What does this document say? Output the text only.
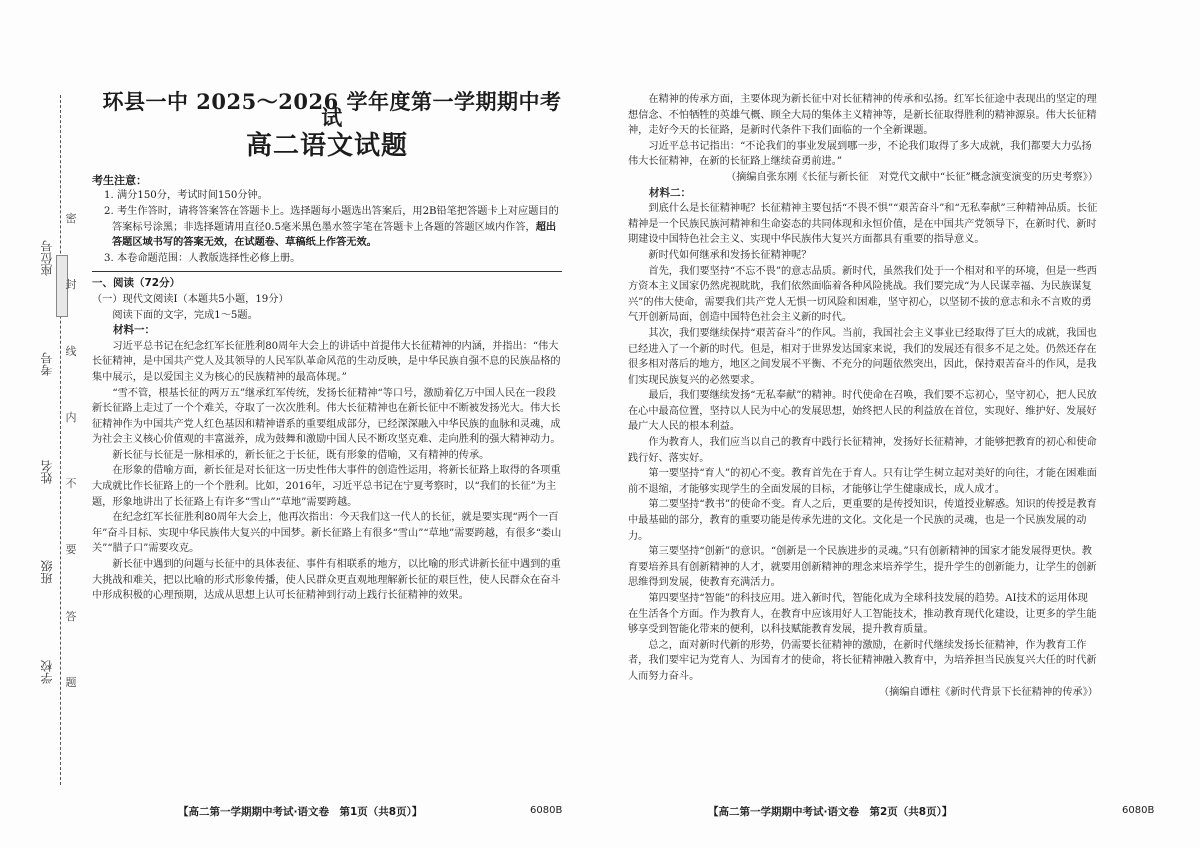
座位号
考号
姓名
班级
学校
密
封
线
内
不
要
答
题
环县一中 2025～2026 学年度第一学期期中考试
高二语文试题
考生注意：
1. 满分150分，考试时间150分钟。
2. 考生作答时，请将答案答在答题卡上。选择题每小题选出答案后，用2B铅笔把答题卡上对应题目的答案标号涂黑；非选择题请用直径0.5毫米黑色墨水签字笔在答题卡上各题的答题区域内作答，超出答题区域书写的答案无效，在试题卷、草稿纸上作答无效。
3. 本卷命题范围：人教版选择性必修上册。
一、阅读（72分）
（一）现代文阅读Ⅰ（本题共5小题，19分）
阅读下面的文字，完成1～5题。
材料一：

习近平总书记在纪念红军长征胜利80周年大会上的讲话中首提伟大长征精神的内涵，并指出：“伟大长征精神，是中国共产党人及其领导的人民军队革命风范的生动反映，是中华民族自强不息的民族品格的集中展示，是以爱国主义为核心的民族精神的最高体现。”

“雪不管，根基长征的两万五”继承红军传统，发扬长征精神“等口号，激励着亿万中国人民在一段段新长征路上走过了一个个难关，夺取了一次次胜利。伟大长征精神也在新长征中不断被发扬光大。伟大长征精神作为中国共产党人红色基因和精神谱系的重要组成部分，已经深深融入中华民族的血脉和灵魂，成为社会主义核心价值观的丰富滋养，成为鼓舞和激励中国人民不断攻坚克难、走向胜利的强大精神动力。

新长征与长征是一脉相承的，新长征之于长征，既有形象的借喻，又有精神的传承。

在形象的借喻方面，新长征是对长征这一历史性伟大事件的创造性运用，将新长征路上取得的各项重大成就比作长征路上的一个个胜利。比如，2016年，习近平总书记在宁夏考察时，以“我们的长征”为主题，形象地讲出了长征路上有许多“雪山”“草地”需要跨越。

在纪念红军长征胜利80周年大会上，他再次指出：今天我们这一代人的长征，就是要实现“两个一百年”奋斗目标、实现中华民族伟大复兴的中国梦。新长征路上有很多“雪山”“草地”需要跨越，有很多“娄山关”“腊子口”需要攻克。

新长征中遇到的问题与长征中的具体表征、事件有相联系的地方，以比喻的形式讲新长征中遇到的重大挑战和难关，把以比喻的形式形象传播，使人民群众更直观地理解新长征的艰巨性，使人民群众在奋斗中形成积极的心理预期，达成从思想上认可长征精神到行动上践行长征精神的效果。

【高二第一学期期中考试·语文卷　第1页（共8页）】	6080B

在精神的传承方面，主要体现为新长征中对长征精神的传承和弘扬。红军长征途中表现出的坚定的理想信念、不怕牺牲的英雄气概、顾全大局的集体主义精神等，是新长征取得胜利的精神源泉。伟大长征精神，走好今天的长征路，是新时代条件下我们面临的一个全新课题。

习近平总书记指出：“不论我们的事业发展到哪一步，不论我们取得了多大成就，我们都要大力弘扬伟大长征精神，在新的长征路上继续奋勇前进。”

（摘编自张东刚《长征与新长征　对党代文献中“长征”概念演变演变的历史考察》）

材料二：

到底什么是长征精神呢？长征精神主要包括“不畏不惧”“艰苦奋斗”和“无私奉献”三种精神品质。长征精神是一个民族民族河精神和生命姿态的共同体现和永恒价值，是在中国共产党领导下，在新时代、新时期建设中国特色社会主义、实现中华民族伟大复兴方面都具有重要的指导意义。

新时代如何继承和发扬长征精神呢？

首先，我们要坚持“不忘不畏”的意志品质。新时代，虽然我们处于一个相对和平的环境，但是一些西方资本主义国家仍然虎视眈眈，我们依然面临着各种风险挑战。我们要完成“为人民谋幸福、为民族谋复兴”的伟大使命，需要我们共产党人无惧一切风险和困难，坚守初心，以坚韧不拔的意志和永不言败的勇气开创新局面，创造中国特色社会主义新的时代。

其次，我们要继续保持“艰苦奋斗”的作风。当前，我国社会主义事业已经取得了巨大的成就，我国也已经进入了一个新的时代。但是，相对于世界发达国家来说，我们的发展还有很多不足之处。仍然还存在很多相对落后的地方，地区之间发展不平衡、不充分的问题依然突出，因此，保持艰苦奋斗的作风，是我们实现民族复兴的必然要求。

最后，我们要继续发扬“无私奉献”的精神。时代使命在召唤，我们要不忘初心，坚守初心，把人民放在心中最高位置，坚持以人民为中心的发展思想，始终把人民的利益放在首位，实现好、维护好、发展好最广大人民的根本利益。

作为教育人，我们应当以自己的教育中践行长征精神，发扬好长征精神，才能够把教育的初心和使命践行好、落实好。

第一要坚持“育人”的初心不变。教育首先在于育人。只有让学生树立起对美好的向往，才能在困难面前不退缩，才能够实现学生的全面发展的目标，才能够让学生健康成长，成人成才。

第二要坚持“教书”的使命不变。育人之后，更重要的是传授知识，传道授业解惑。知识的传授是教育中最基础的部分，教育的重要功能是传承先进的文化。文化是一个民族的灵魂，也是一个民族发展的动力。

第三要坚持“创新”的意识。“创新是一个民族进步的灵魂。”只有创新精神的国家才能发展得更快。教育要培养具有创新精神的人才，就要用创新精神的理念来培养学生，提升学生的创新能力，让学生的创新思维得到发展，使教育充满活力。

第四要坚持“智能”的科技应用。进入新时代，智能化成为全球科技发展的趋势。AI技术的运用体现在生活各个方面。作为教育人，在教育中应该用好人工智能技术，推动教育现代化建设，让更多的学生能够享受到智能化带来的便利，以科技赋能教育发展，提升教育质量。

总之，面对新时代新的形势，仍需要长征精神的激励，在新时代继续发扬长征精神，作为教育工作者，我们要牢记为党育人、为国育才的使命，将长征精神融入教育中，为培养担当民族复兴大任的时代新人而努力奋斗。

（摘编自谭柱《新时代背景下长征精神的传承》）

【高二第一学期期中考试·语文卷　第2页（共8页）】	6080B
